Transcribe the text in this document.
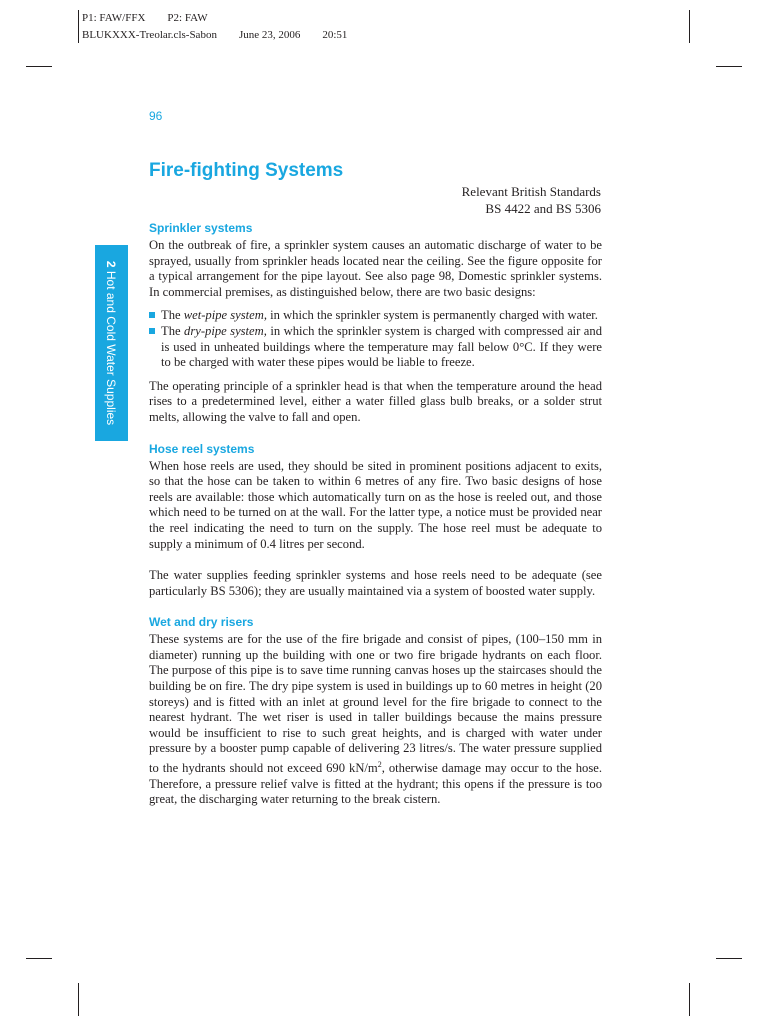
P1: FAW/FFX        P2: FAW
BLUKXXX-Treolar.cls-Sabon        June 23, 2006        20:51
96
Fire-fighting Systems
Relevant British Standards
BS 4422 and BS 5306
2 Hot and Cold Water Supplies
Sprinkler systems

On the outbreak of fire, a sprinkler system causes an automatic discharge of water to be sprayed, usually from sprinkler heads located near the ceiling. See the figure opposite for a typical arrangement for the pipe layout. See also page 98, Domestic sprinkler systems. In commercial premises, as distinguished below, there are two basic designs:

The wet-pipe system, in which the sprinkler system is permanently charged with water.
The dry-pipe system, in which the sprinkler system is charged with compressed air and is used in unheated buildings where the temperature may fall below 0°C. If they were to be charged with water these pipes would be liable to freeze.

The operating principle of a sprinkler head is that when the temperature around the head rises to a predetermined level, either a water filled glass bulb breaks, or a solder strut melts, allowing the valve to fall and open.

Hose reel systems

When hose reels are used, they should be sited in prominent positions adjacent to exits, so that the hose can be taken to within 6 metres of any fire. Two basic designs of hose reels are available: those which automatically turn on as the hose is reeled out, and those which need to be turned on at the wall. For the latter type, a notice must be provided near the reel indicating the need to turn on the supply. The hose reel must be adequate to supply a minimum of 0.4 litres per second.

The water supplies feeding sprinkler systems and hose reels need to be adequate (see particularly BS 5306); they are usually maintained via a system of boosted water supply.

Wet and dry risers

These systems are for the use of the fire brigade and consist of pipes, (100–150 mm in diameter) running up the building with one or two fire brigade hydrants on each floor. The purpose of this pipe is to save time running canvas hoses up the staircases should the building be on fire. The dry pipe system is used in buildings up to 60 metres in height (20 storeys) and is fitted with an inlet at ground level for the fire brigade to connect to the nearest hydrant. The wet riser is used in taller buildings because the mains pressure would be insufficient to rise to such great heights, and is charged with water under pressure by a booster pump capable of delivering 23 litres/s. The water pressure supplied to the hydrants should not exceed 690 $kN/m^2$, otherwise damage may occur to the hose. Therefore, a pressure relief valve is fitted at the hydrant; this opens if the pressure is too great, the discharging water returning to the break cistern.
